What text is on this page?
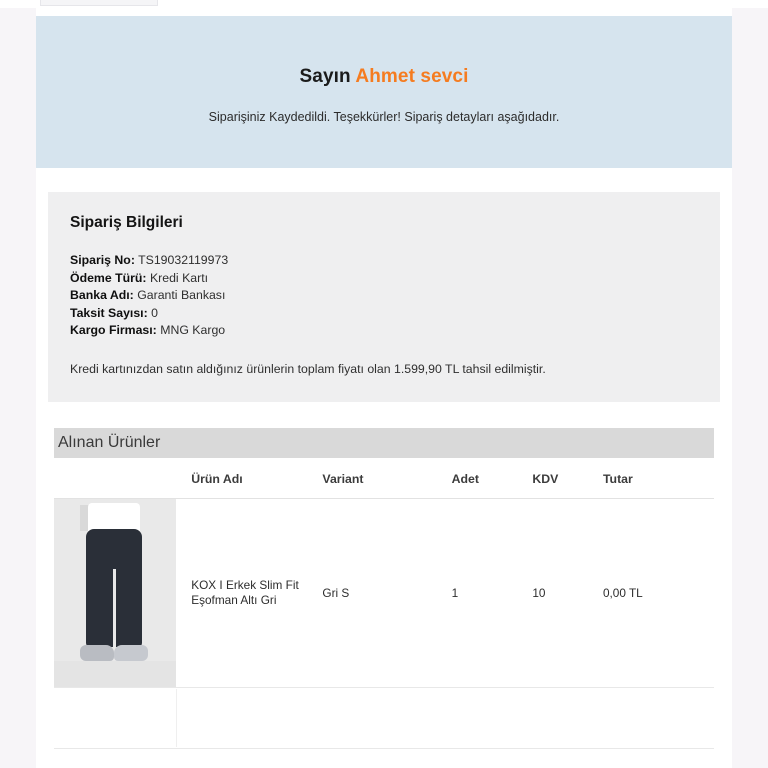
Sayın Ahmet sevci

Siparişiniz Kaydedildi. Teşekkürler! Sipariş detayları aşağıdadır.

Sipariş Bilgileri
Sipariş No: TS19032119973
Ödeme Türü: Kredi Kartı
Banka Adı: Garanti Bankası
Taksit Sayısı: 0
Kargo Firması: MNG Kargo
Kredi kartınızdan satın aldığınız ürünlerin toplam fiyatı olan 1.599,90 TL tahsil edilmiştir.
Alınan Ürünler
	Ürün Adı	Variant	Adet	KDV	Tutar

	KOX I Erkek Slim Fit Eşofman Altı Gri	Gri S	1	10	0,00 TL
